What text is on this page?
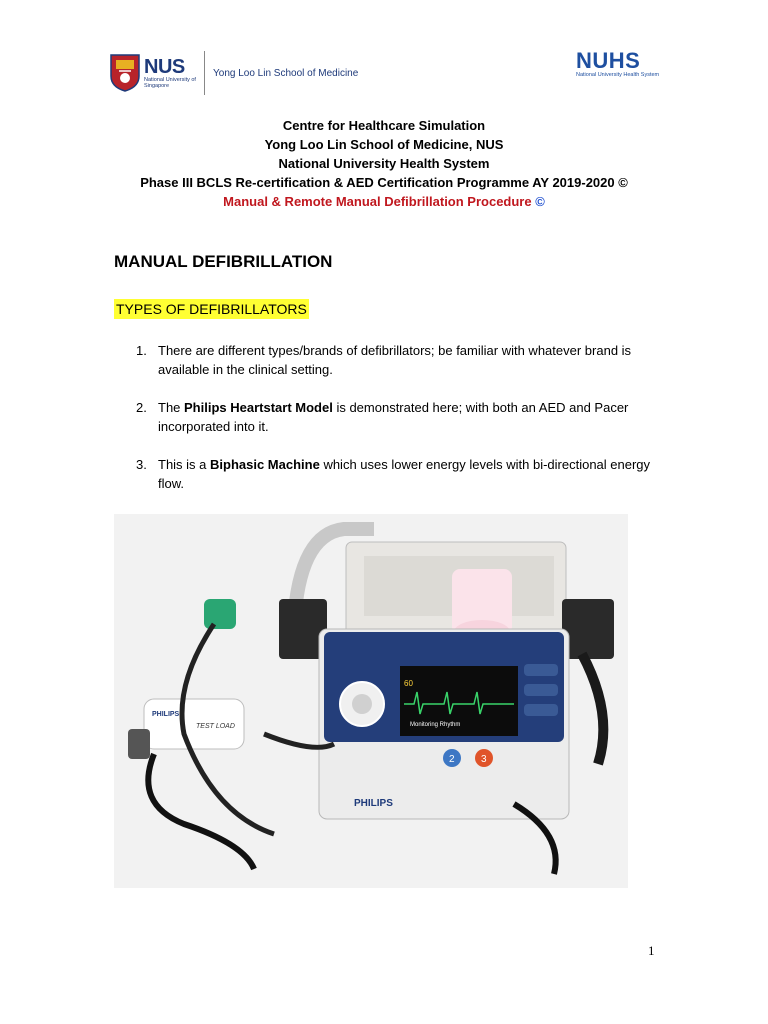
NUS
National University of Singapore
Yong Loo Lin School of Medicine	NUHS
National University Health System
Centre for Healthcare Simulation
Yong Loo Lin School of Medicine, NUS
National University Health System
Phase III BCLS Re-certification & AED Certification Programme AY 2019-2020 ©
Manual & Remote Manual Defibrillation Procedure ©
MANUAL DEFIBRILLATION
TYPES OF DEFIBRILLATORS
1. There are different types/brands of defibrillators; be familiar with whatever brand is available in the clinical setting.
2. The Philips Heartstart Model is demonstrated here; with both an AED and Pacer incorporated into it.
3. This is a Biphasic Machine which uses lower energy levels with bi-directional energy flow.
Monitoring Rhythm
60
2	3
PHILIPS
PHILIPS
TEST LOAD
1
